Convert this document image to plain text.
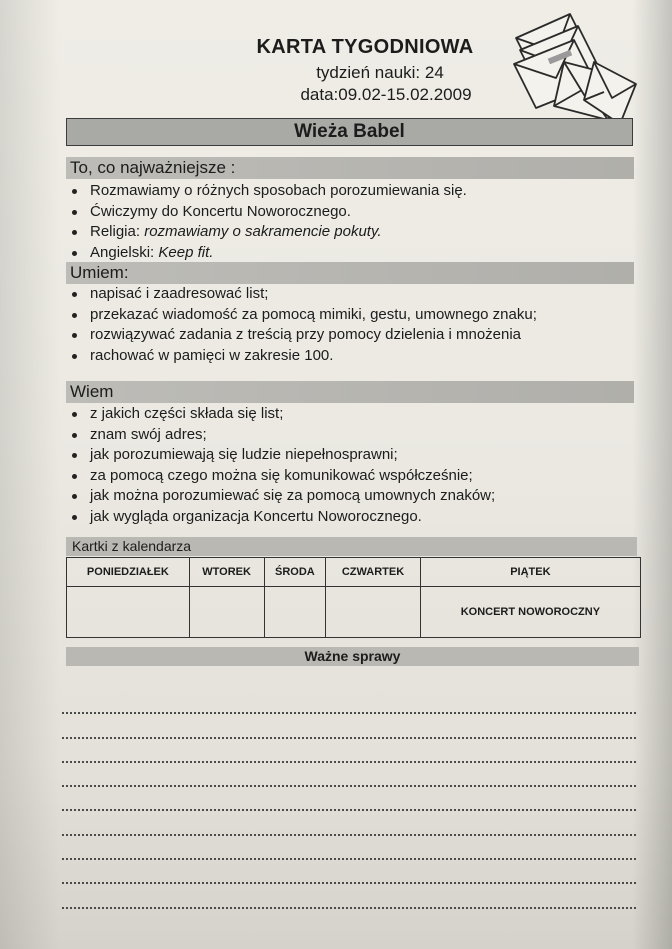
KARTA TYGODNIOWA
tydzień nauki: 24
data:09.02-15.02.2009
Wieża Babel
To, co najważniejsze :
Rozmawiamy o różnych sposobach porozumiewania się.
Ćwiczymy do Koncertu Noworocznego.
Religia: rozmawiamy o sakramencie pokuty.
Angielski: Keep fit.
Umiem:
napisać i zaadresować list;
przekazać wiadomość za pomocą mimiki, gestu, umownego znaku;
rozwiązywać zadania z treścią przy pomocy dzielenia i mnożenia
rachować w pamięci w zakresie 100.
Wiem
z jakich części składa się list;
znam swój adres;
jak porozumiewają się ludzie niepełnosprawni;
za pomocą czego można się komunikować współcześnie;
jak można porozumiewać się za pomocą umownych znaków;
jak wygląda organizacja Koncertu Noworocznego.
Kartki z kalendarza
PONIEDZIAŁEK	WTOREK	ŚRODA	CZWARTEK	PIĄTEK
				KONCERT NOWOROCZNY
Ważne sprawy
